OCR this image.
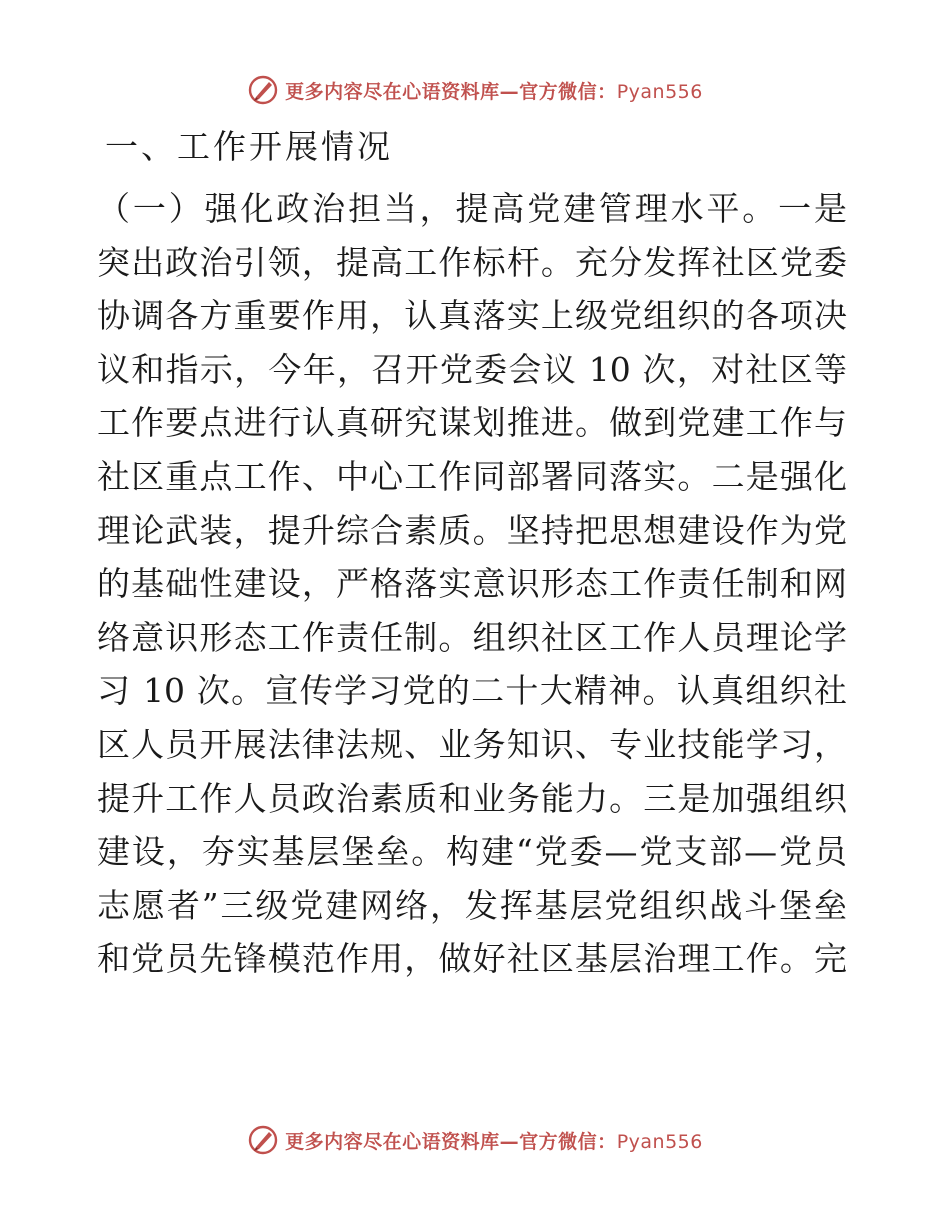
更多内容尽在心语资料库—官方微信：Pyan556
一、工作开展情况
（一）强化政治担当，提高党建管理水平。一是
突出政治引领，提高工作标杆。充分发挥社区党委
协调各方重要作用，认真落实上级党组织的各项决
议和指示，今年，召开党委会议 10 次，对社区等
工作要点进行认真研究谋划推进。做到党建工作与
社区重点工作、中心工作同部署同落实。二是强化
理论武装，提升综合素质。坚持把思想建设作为党
的基础性建设，严格落实意识形态工作责任制和网
络意识形态工作责任制。组织社区工作人员理论学
习 10 次。宣传学习党的二十大精神。认真组织社
区人员开展法律法规、业务知识、专业技能学习，
提升工作人员政治素质和业务能力。三是加强组织
建设，夯实基层堡垒。构建“党委—党支部—党员
志愿者”三级党建网络，发挥基层党组织战斗堡垒
和党员先锋模范作用，做好社区基层治理工作。完
更多内容尽在心语资料库—官方微信：Pyan556
